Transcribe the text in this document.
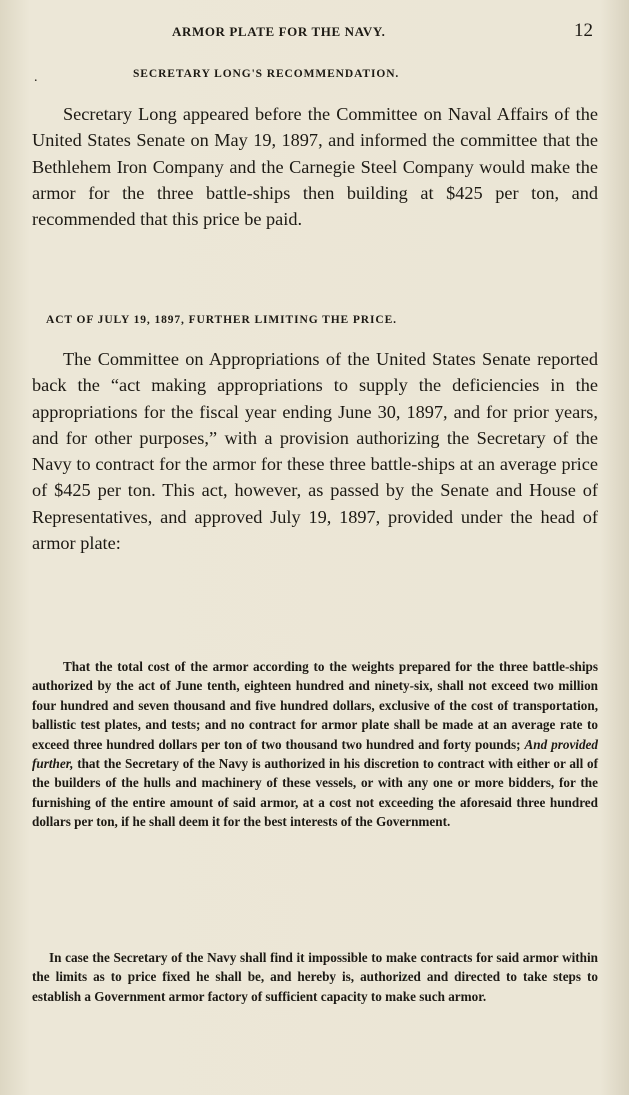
ARMOR PLATE FOR THE NAVY.	12
.	SECRETARY LONG'S RECOMMENDATION.

Secretary Long appeared before the Committee on Naval Affairs of the United States Senate on May 19, 1897, and informed the committee that the Bethlehem Iron Company and the Carnegie Steel Company would make the armor for the three battle-ships then building at $425 per ton, and recommended that this price be paid.

ACT OF JULY 19, 1897, FURTHER LIMITING THE PRICE.

The Committee on Appropriations of the United States Senate reported back the “act making appropriations to supply the deficiencies in the appropriations for the fiscal year ending June 30, 1897, and for prior years, and for other purposes,” with a provision authorizing the Secretary of the Navy to contract for the armor for these three battle-ships at an average price of $425 per ton. This act, however, as passed by the Senate and House of Representatives, and approved July 19, 1897, provided under the head of armor plate:

That the total cost of the armor according to the weights prepared for the three battle-ships authorized by the act of June tenth, eighteen hundred and ninety-six, shall not exceed two million four hundred and seven thousand and five hundred dollars, exclusive of the cost of transportation, ballistic test plates, and tests; and no contract for armor plate shall be made at an average rate to exceed three hundred dollars per ton of two thousand two hundred and forty pounds; And provided further, that the Secretary of the Navy is authorized in his discretion to contract with either or all of the builders of the hulls and machinery of these vessels, or with any one or more bidders, for the furnishing of the entire amount of said armor, at a cost not exceeding the aforesaid three hundred dollars per ton, if he shall deem it for the best interests of the Government.

In case the Secretary of the Navy shall find it impossible to make contracts for said armor within the limits as to price fixed he shall be, and hereby is, authorized and directed to take steps to establish a Government armor factory of sufficient capacity to make such armor.
